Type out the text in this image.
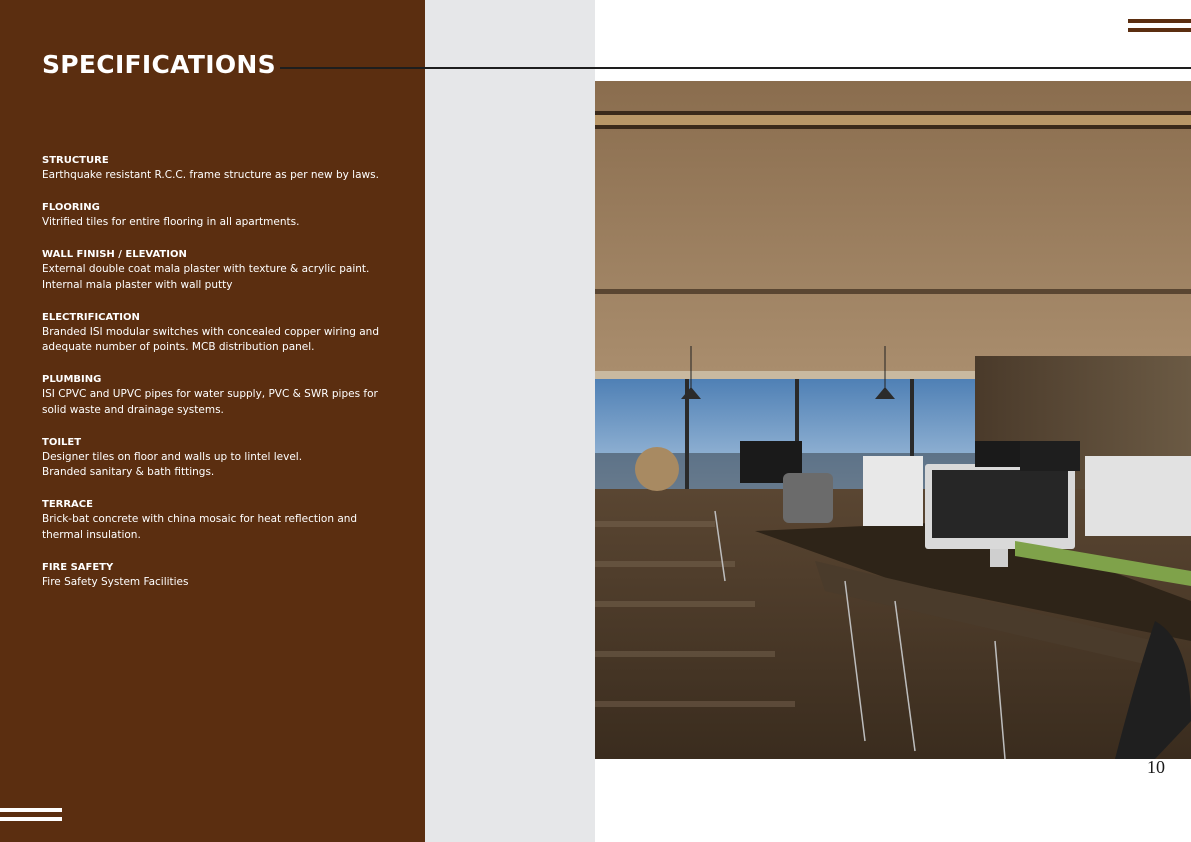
SPECIFICATIONS
STRUCTURE
Earthquake resistant R.C.C. frame structure as per new by laws.
FLOORING
Vitrified tiles for entire flooring in all apartments.
WALL FINISH / ELEVATION
External double coat mala plaster with texture & acrylic paint.
Internal mala plaster with wall putty
ELECTRIFICATION
Branded ISI modular switches with concealed copper wiring and
adequate number of points. MCB distribution panel.
PLUMBING
ISI CPVC and UPVC pipes for water supply, PVC & SWR pipes for
solid waste and drainage systems.
TOILET
Designer tiles on floor and walls up to lintel level.
Branded sanitary & bath fittings.
TERRACE
Brick-bat concrete with china mosaic for heat reflection and
thermal insulation.
FIRE SAFETY
Fire Safety System Facilities
10
